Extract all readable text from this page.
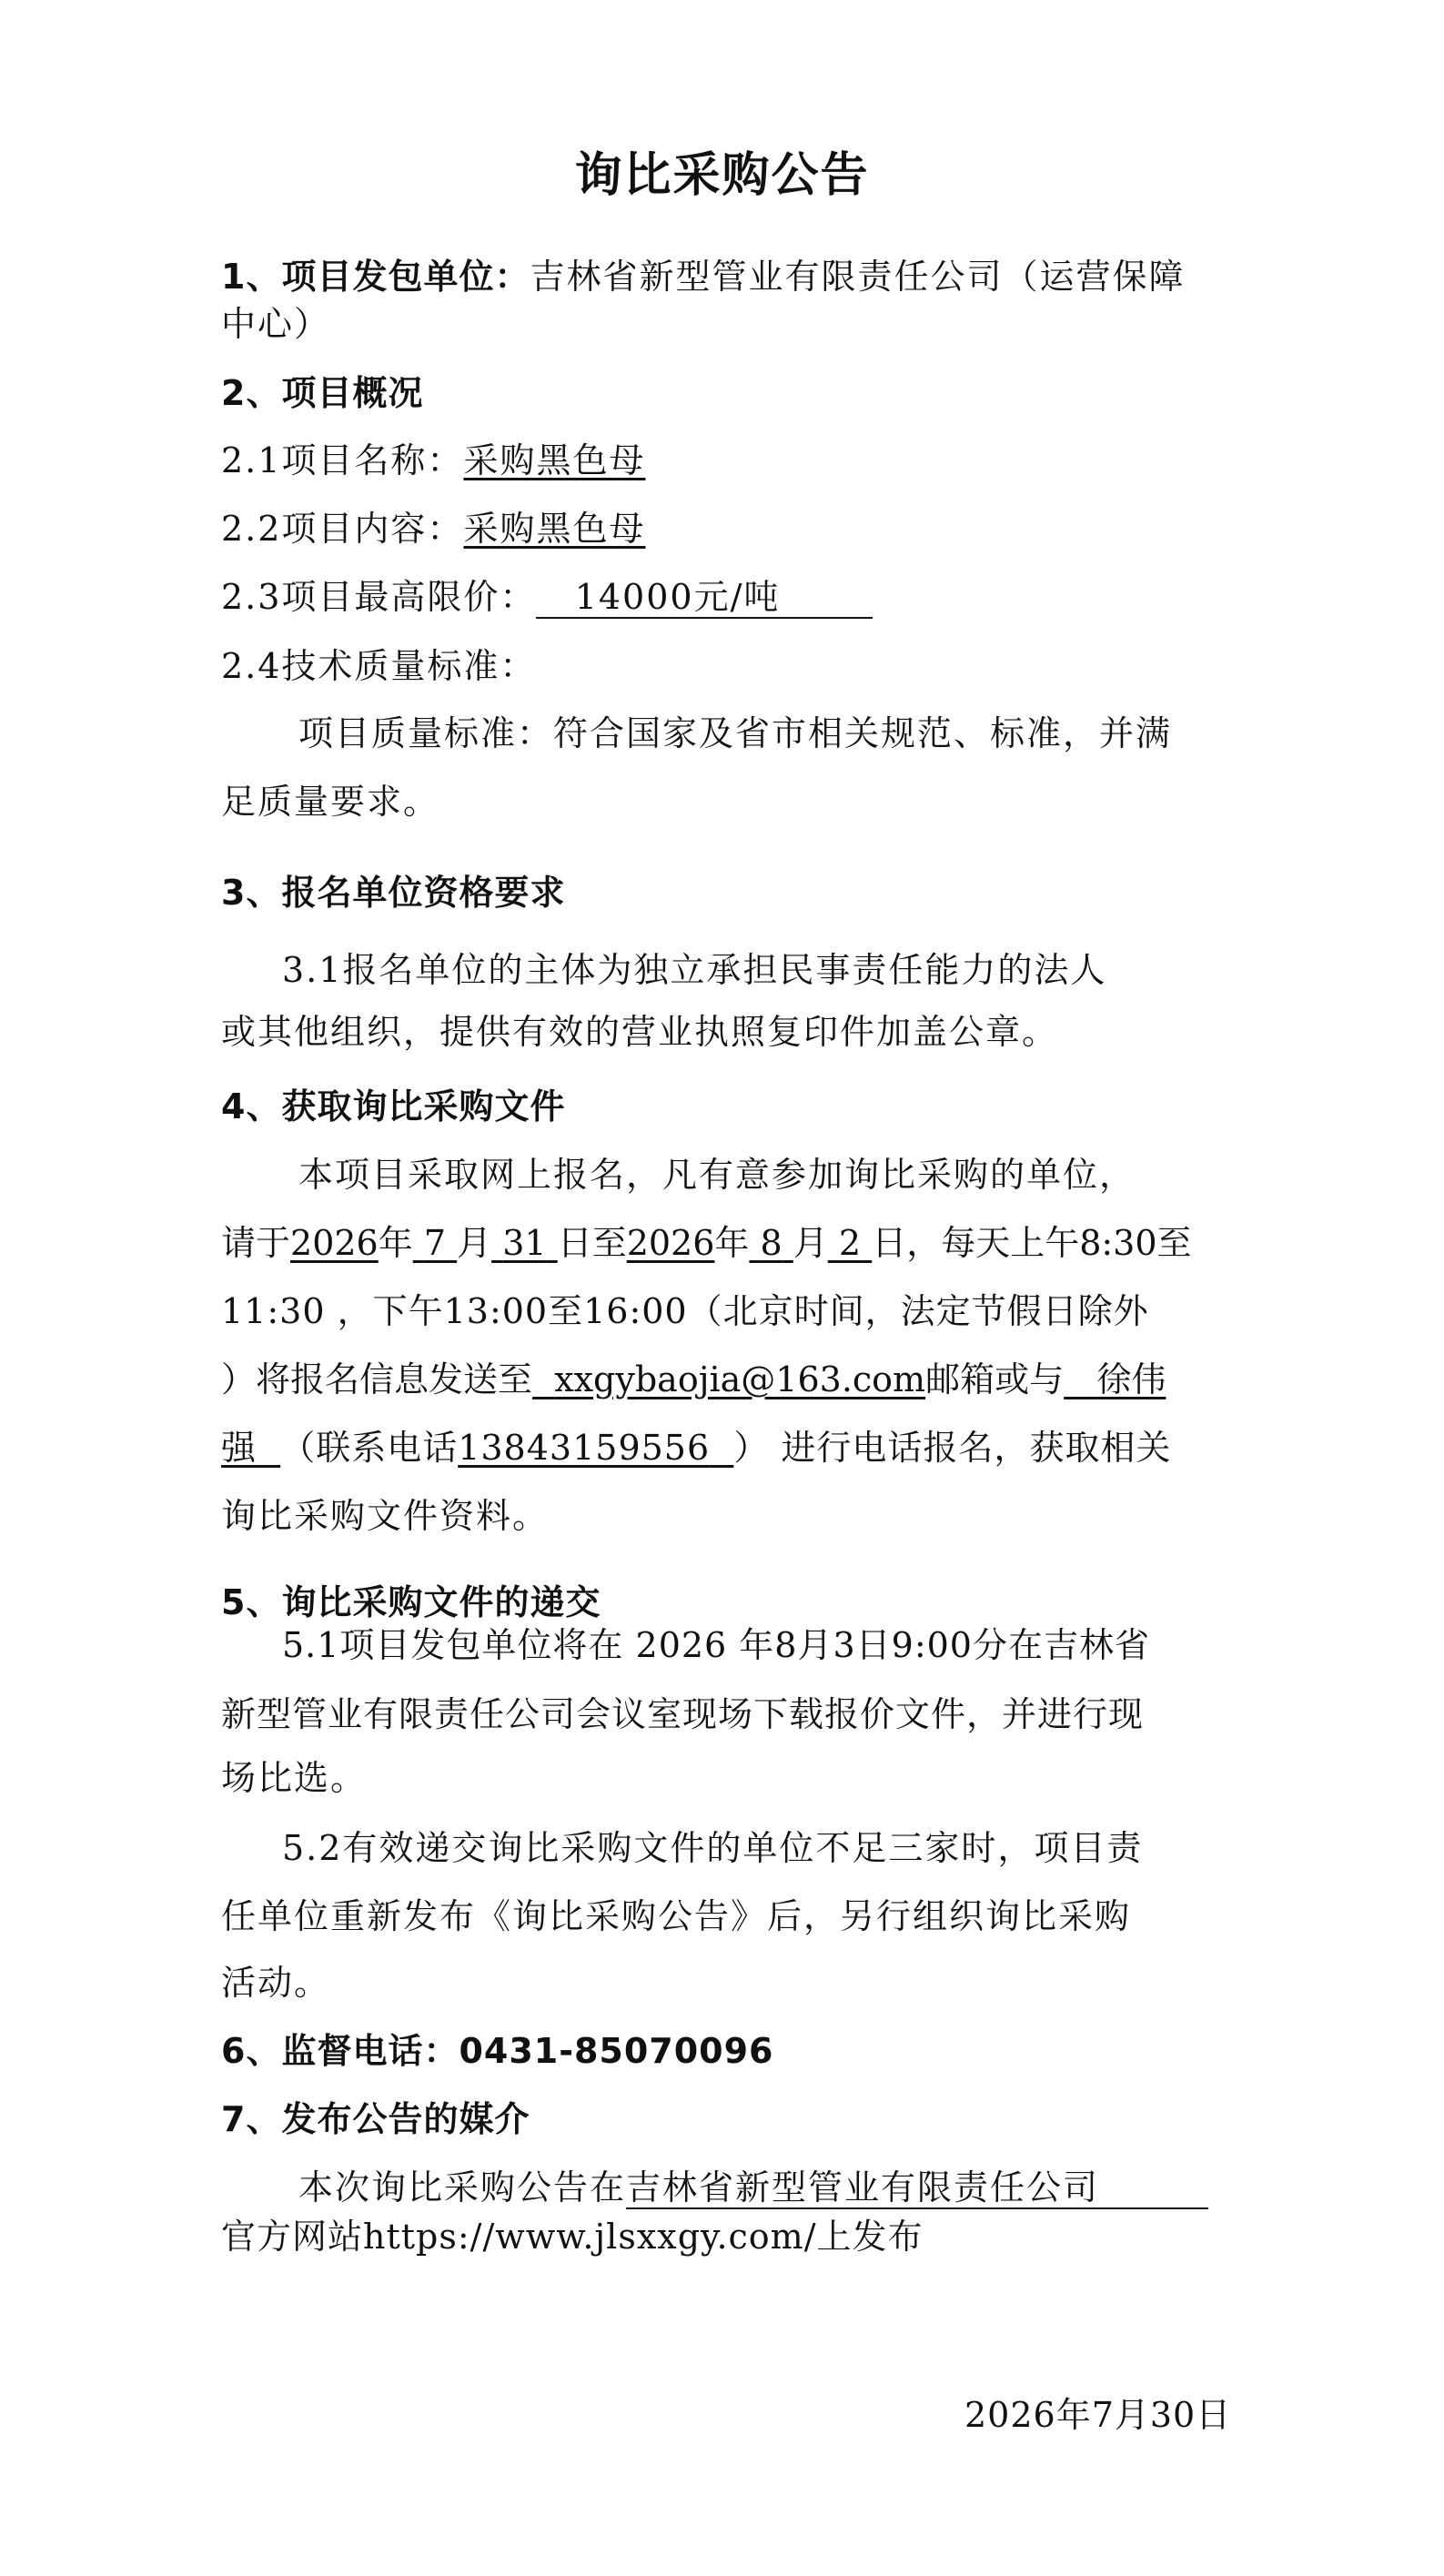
询比采购公告
1、项目发包单位：吉林省新型管业有限责任公司（运营保障
中心）
2、项目概况
2.1项目名称：采购黑色母
2.2项目内容：采购黑色母
2.3项目最高限价： 14000元/吨
2.4技术质量标准：
项目质量标准：符合国家及省市相关规范、标准，并满
足质量要求。
3、报名单位资格要求
3.1报名单位的主体为独立承担民事责任能力的法人
或其他组织，提供有效的营业执照复印件加盖公章。
4、获取询比采购文件
本项目采取网上报名，凡有意参加询比采购的单位，
请于2026年 7 月 31 日至2026年 8 月 2 日，每天上午8:30至
11:30 ，下午13:00至16:00（北京时间，法定节假日除外
）将报名信息发送至 xxgybaojia@163.com邮箱或与 徐伟
强 （联系电话13843159556 ） 进行电话报名，获取相关
询比采购文件资料。
5、询比采购文件的递交
5.1项目发包单位将在 2026 年8月3日9:00分在吉林省
新型管业有限责任公司会议室现场下载报价文件，并进行现
场比选。
5.2有效递交询比采购文件的单位不足三家时，项目责
任单位重新发布《询比采购公告》后，另行组织询比采购
活动。
6、监督电话：0431-85070096
7、发布公告的媒介
本次询比采购公告在吉林省新型管业有限责任公司
官方网站https://www.jlsxxgy.com/上发布
2026年7月30日
